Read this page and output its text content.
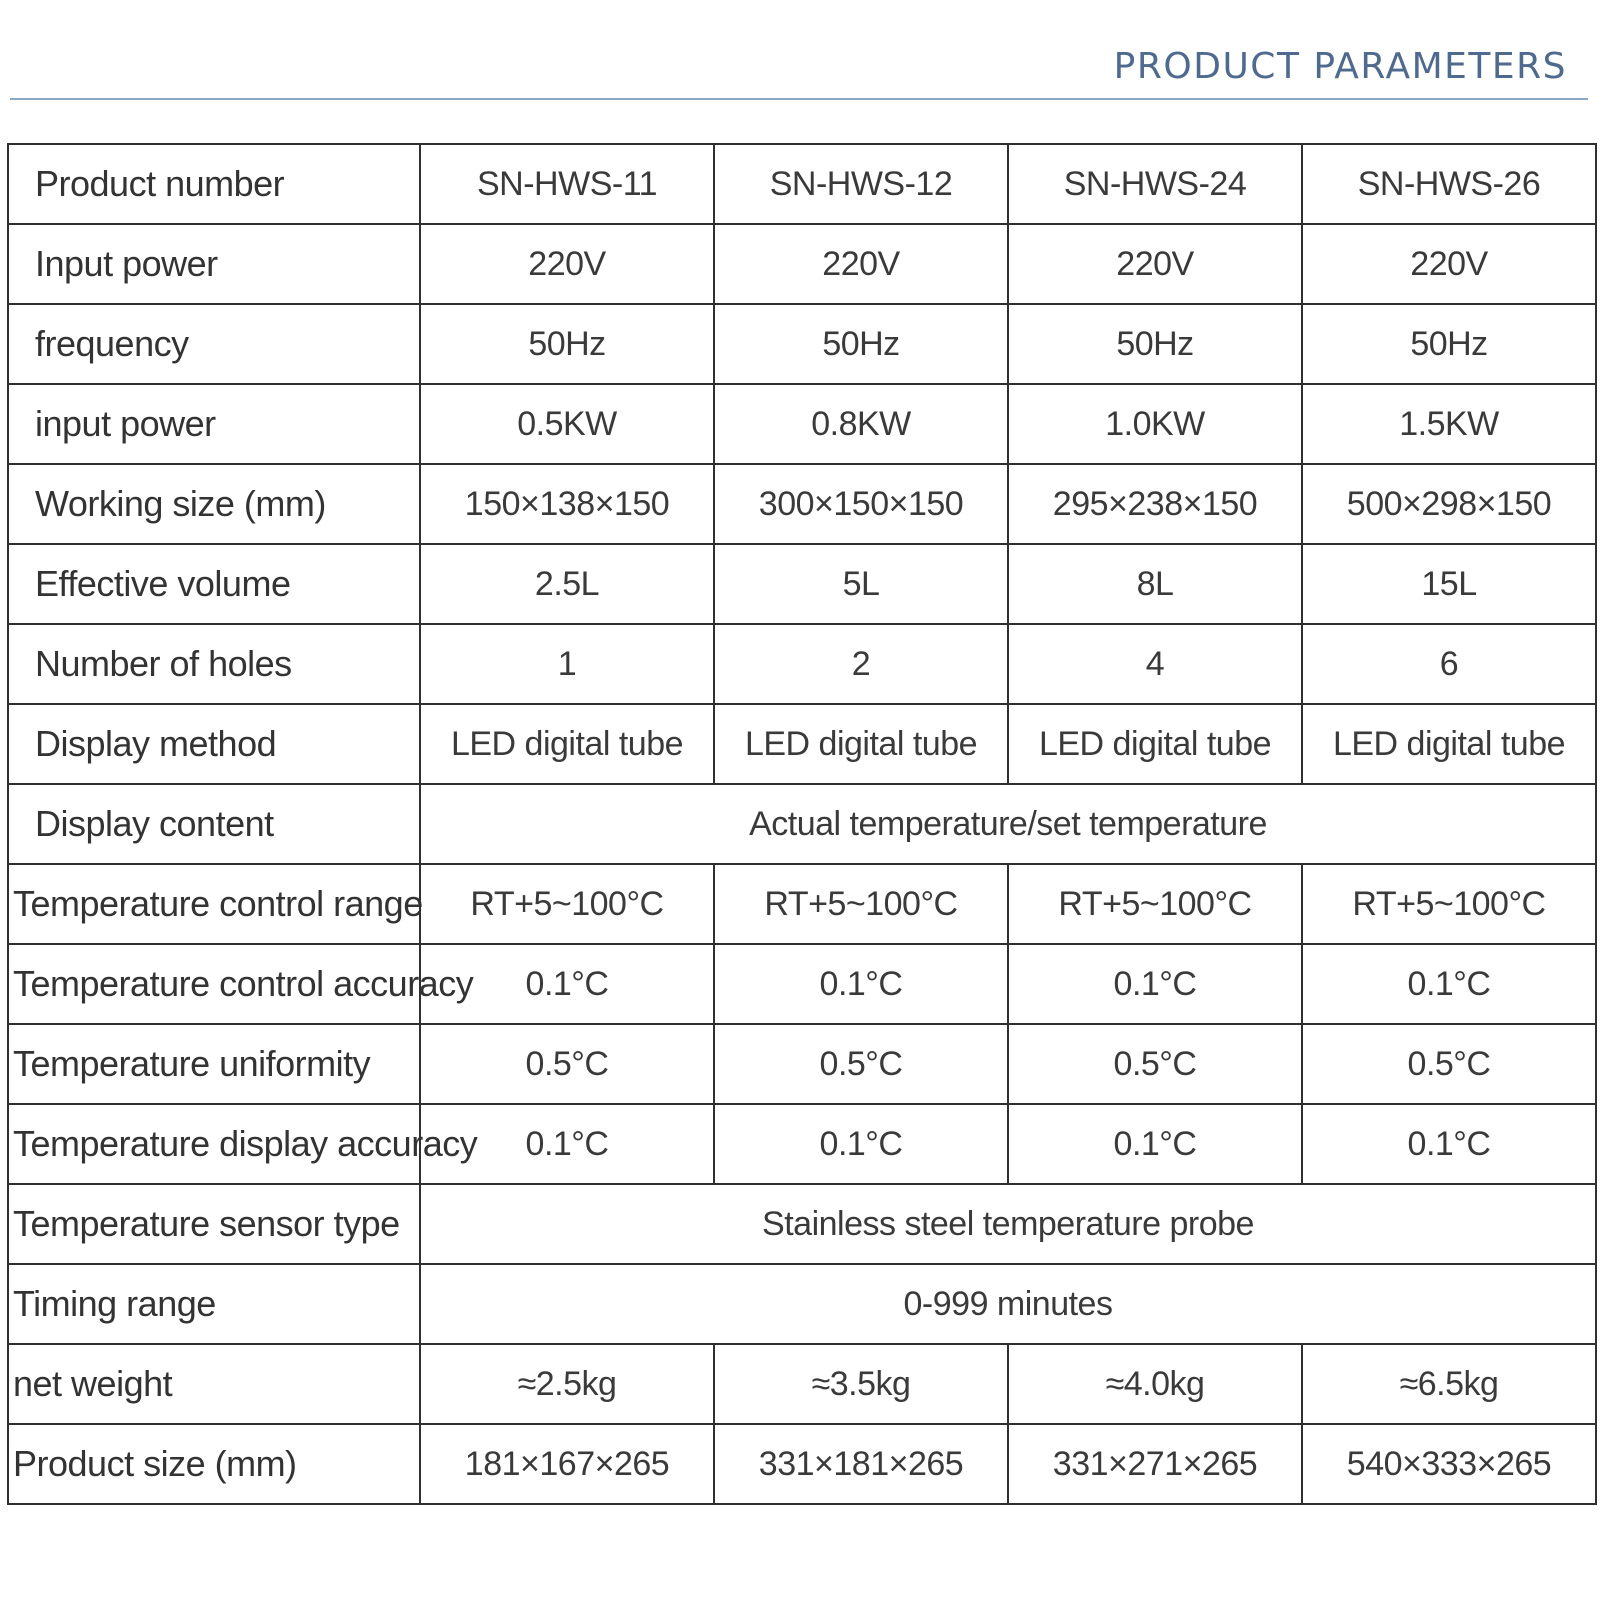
PRODUCT PARAMETERS
Product number	SN-HWS-11	SN-HWS-12	SN-HWS-24	SN-HWS-26
Input power	220V	220V	220V	220V
frequency	50Hz	50Hz	50Hz	50Hz
input power	0.5KW	0.8KW	1.0KW	1.5KW
Working size (mm)	150×138×150	300×150×150	295×238×150	500×298×150
Effective volume	2.5L	5L	8L	15L
Number of holes	1	2	4	6
Display method	LED digital tube	LED digital tube	LED digital tube	LED digital tube
Display content	Actual temperature/set temperature			
Temperature control range	RT+5~100°C	RT+5~100°C	RT+5~100°C	RT+5~100°C
Temperature control accuracy	0.1°C	0.1°C	0.1°C	0.1°C
Temperature uniformity	0.5°C	0.5°C	0.5°C	0.5°C
Temperature display accuracy	0.1°C	0.1°C	0.1°C	0.1°C
Temperature sensor type	Stainless steel temperature probe			
Timing range	0-999 minutes			
net weight	≈2.5kg	≈3.5kg	≈4.0kg	≈6.5kg
Product size (mm)	181×167×265	331×181×265	331×271×265	540×333×265
